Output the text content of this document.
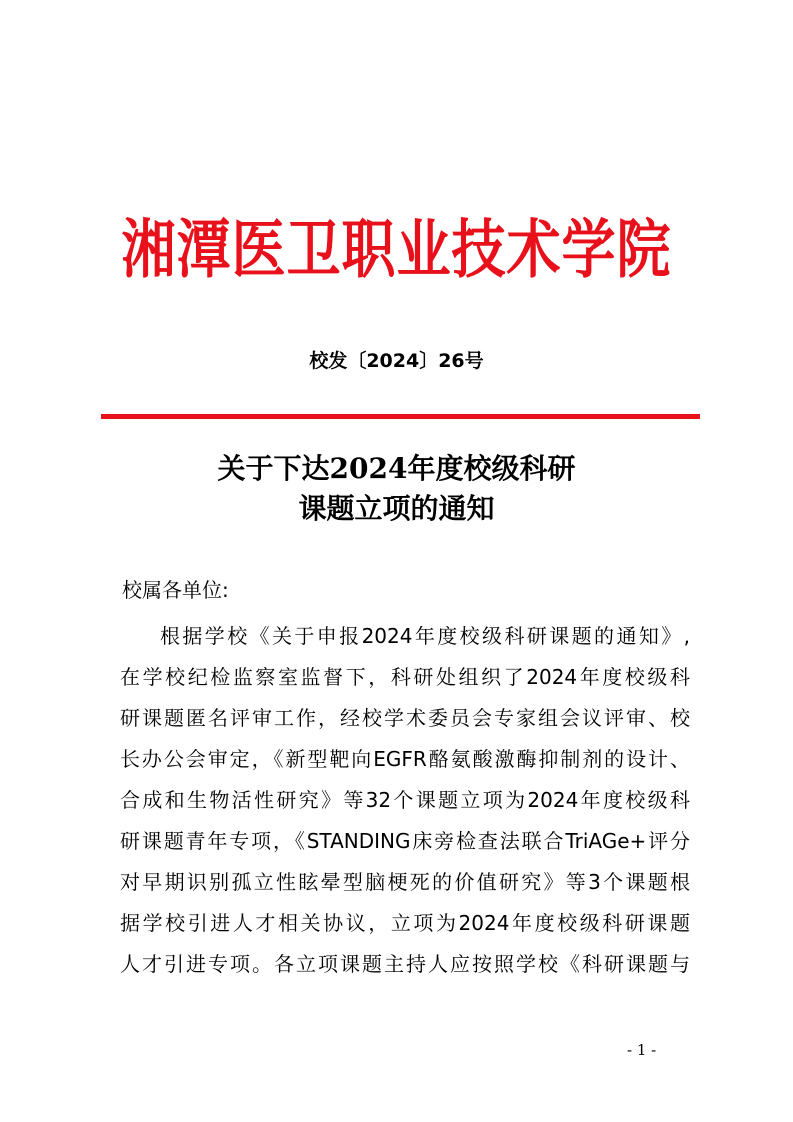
湘潭医卫职业技术学院
校发〔2024〕26号
关于下达2024年度校级科研
课题立项的通知
校属各单位:
根据学校《关于申报2024年度校级科研课题的通知》,
在学校纪检监察室监督下，科研处组织了2024年度校级科
研课题匿名评审工作，经校学术委员会专家组会议评审、校
长办公会审定，《新型靶向EGFR酪氨酸激酶抑制剂的设计、
合成和生物活性研究》等32个课题立项为2024年度校级科
研课题青年专项，《STANDING床旁检查法联合TriAGe+评分
对早期识别孤立性眩晕型脑梗死的价值研究》等3个课题根
据学校引进人才相关协议，立项为2024年度校级科研课题
人才引进专项。各立项课题主持人应按照学校《科研课题与
- 1 -
